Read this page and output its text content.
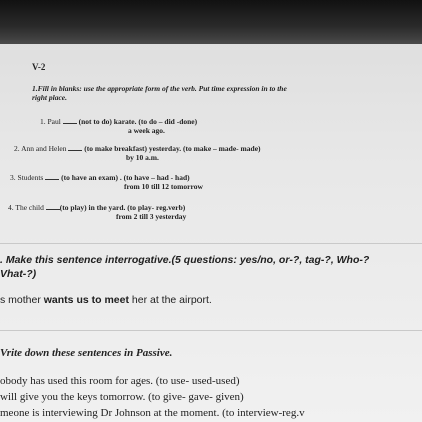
V-2
1.Fill in blanks: use the appropriate form of the verb. Put time expression in to the
right place.
1. Paul  (not to do) karate. (to do – did -done)
a week ago.
2. Ann and Helen  (to make breakfast) yesterday. (to make – made- made)
by 10 a.m.
3. Students  (to have an exam) . (to have – had - had)
from 10 till 12 tomorrow
4. The child (to play) in the yard. (to play- reg.verb)
from 2 till 3 yesterday
. Make this sentence interrogative.(5 questions: yes/no, or-?, tag-?, Who-?
Vhat-?)
s mother wants us to meet her at the airport.
Vrite down these sentences in Passive.
obody has used this room for ages. (to use- used-used)
will give you the keys tomorrow. (to give- gave- given)
meone is interviewing Dr Johnson at the moment. (to interview-reg.v
